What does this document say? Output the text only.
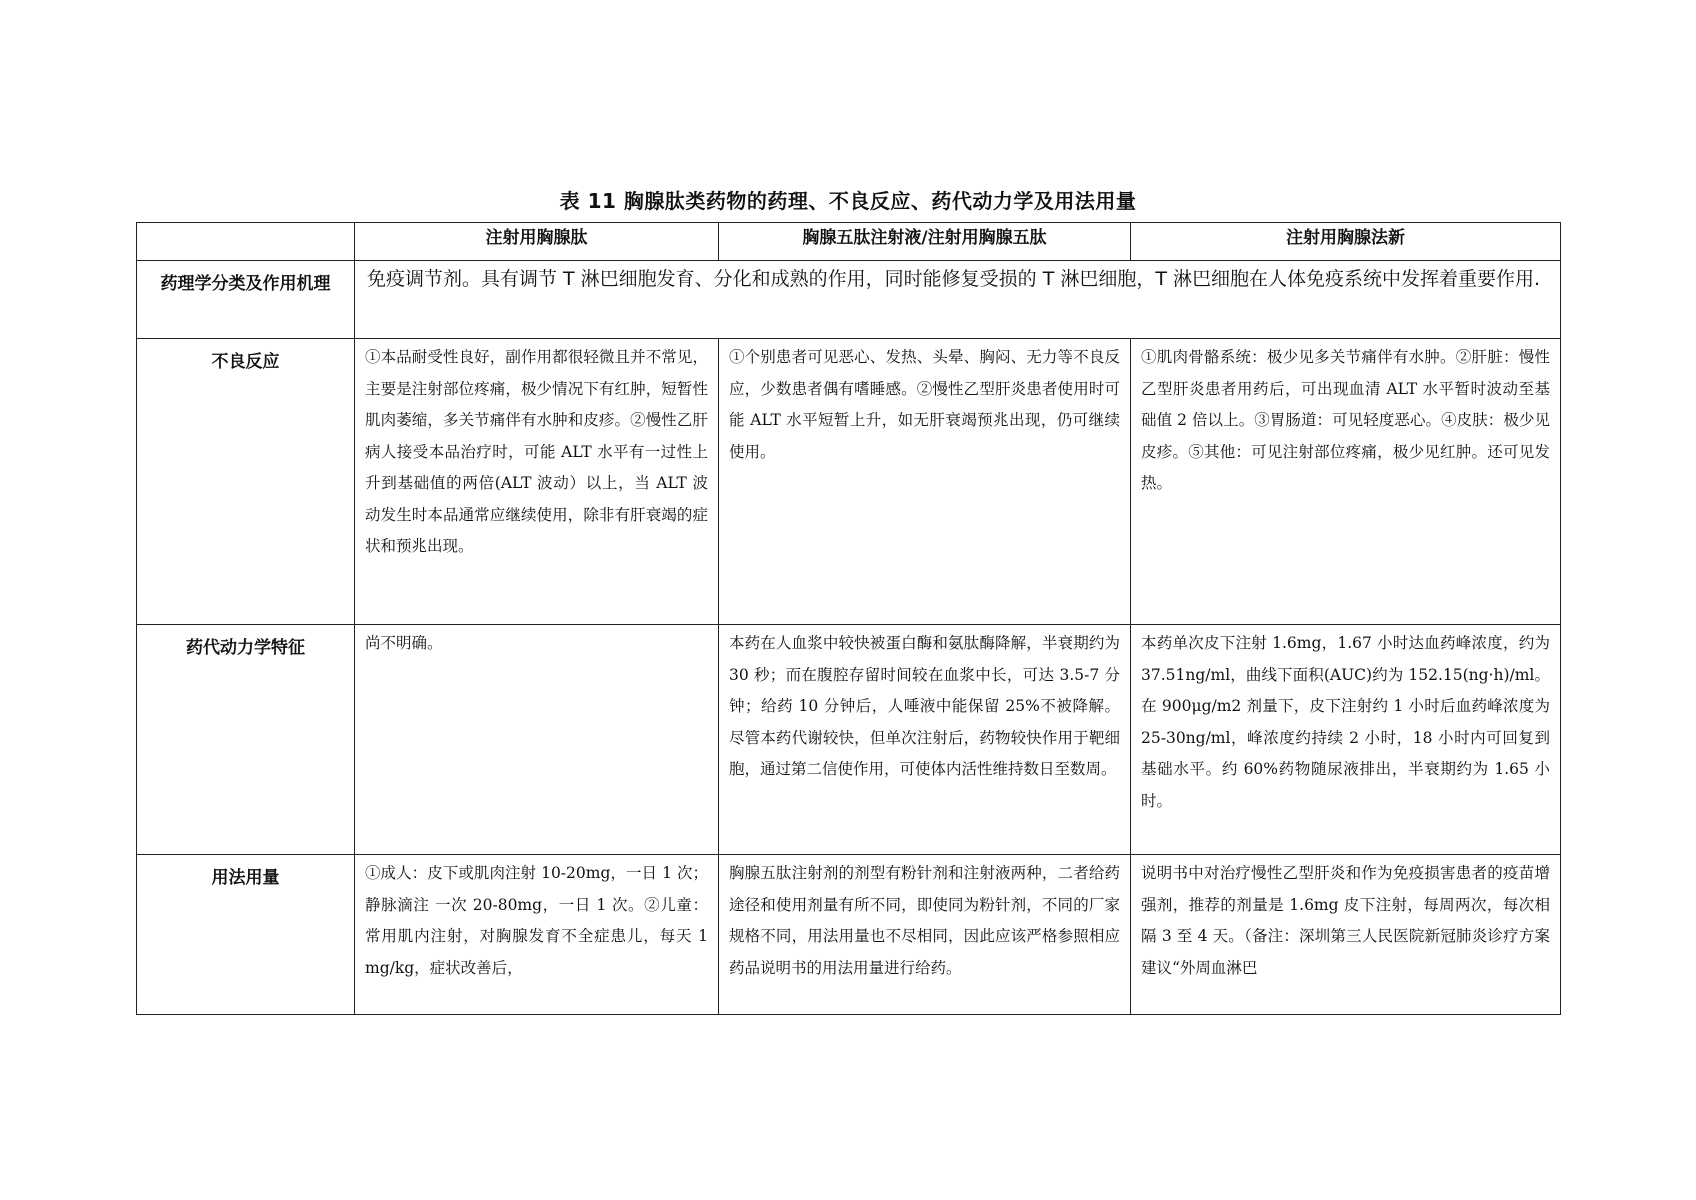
表 11 胸腺肽类药物的药理、不良反应、药代动力学及用法用量
	注射用胸腺肽	胸腺五肽注射液/注射用胸腺五肽	注射用胸腺法新
药理学分类及作用机理	免疫调节剂。具有调节 T 淋巴细胞发育、分化和成熟的作用，同时能修复受损的 T 淋巴细胞，T 淋巴细胞在人体免疫系统中发挥着重要作用.		
不良反应	①本品耐受性良好，副作用都很轻微且并不常见，主要是注射部位疼痛，极少情况下有红肿，短暂性肌肉萎缩，多关节痛伴有水肿和皮疹。②慢性乙肝病人接受本品治疗时，可能 ALT 水平有一过性上升到基础值的两倍(ALT 波动）以上，当 ALT 波动发生时本品通常应继续使用，除非有肝衰竭的症状和预兆出现。	①个别患者可见恶心、发热、头晕、胸闷、无力等不良反应，少数患者偶有嗜睡感。②慢性乙型肝炎患者使用时可能 ALT 水平短暂上升，如无肝衰竭预兆出现，仍可继续使用。	①肌肉骨骼系统：极少见多关节痛伴有水肿。②肝脏：慢性乙型肝炎患者用药后，可出现血清 ALT 水平暂时波动至基础值 2 倍以上。③胃肠道：可见轻度恶心。④皮肤：极少见皮疹。⑤其他：可见注射部位疼痛，极少见红肿。还可见发热。
药代动力学特征	尚不明确。	本药在人血浆中较快被蛋白酶和氨肽酶降解，半衰期约为 30 秒；而在腹腔存留时间较在血浆中长，可达 3.5-7 分钟；给药 10 分钟后，人唾液中能保留 25%不被降解。尽管本药代谢较快，但单次注射后，药物较快作用于靶细胞，通过第二信使作用，可使体内活性维持数日至数周。	本药单次皮下注射 1.6mg，1.67 小时达血药峰浓度，约为 37.51ng/ml，曲线下面积(AUC)约为 152.15(ng·h)/ml。在 900μg/m2 剂量下，皮下注射约 1 小时后血药峰浓度为 25-30ng/ml，峰浓度约持续 2 小时，18 小时内可回复到基础水平。约 60%药物随尿液排出，半衰期约为 1.65 小时。
用法用量	①成人：皮下或肌肉注射 10-20mg，一日 1 次；静脉滴注 一次 20-80mg，一日 1 次。②儿童：常用肌内注射，对胸腺发育不全症患儿，每天 1 mg/kg，症状改善后，	胸腺五肽注射剂的剂型有粉针剂和注射液两种，二者给药途径和使用剂量有所不同，即使同为粉针剂，不同的厂家规格不同，用法用量也不尽相同，因此应该严格参照相应药品说明书的用法用量进行给药。	说明书中对治疗慢性乙型肝炎和作为免疫损害患者的疫苗增强剂，推荐的剂量是 1.6mg 皮下注射，每周两次，每次相隔 3 至 4 天。（备注：深圳第三人民医院新冠肺炎诊疗方案建议“外周血淋巴
